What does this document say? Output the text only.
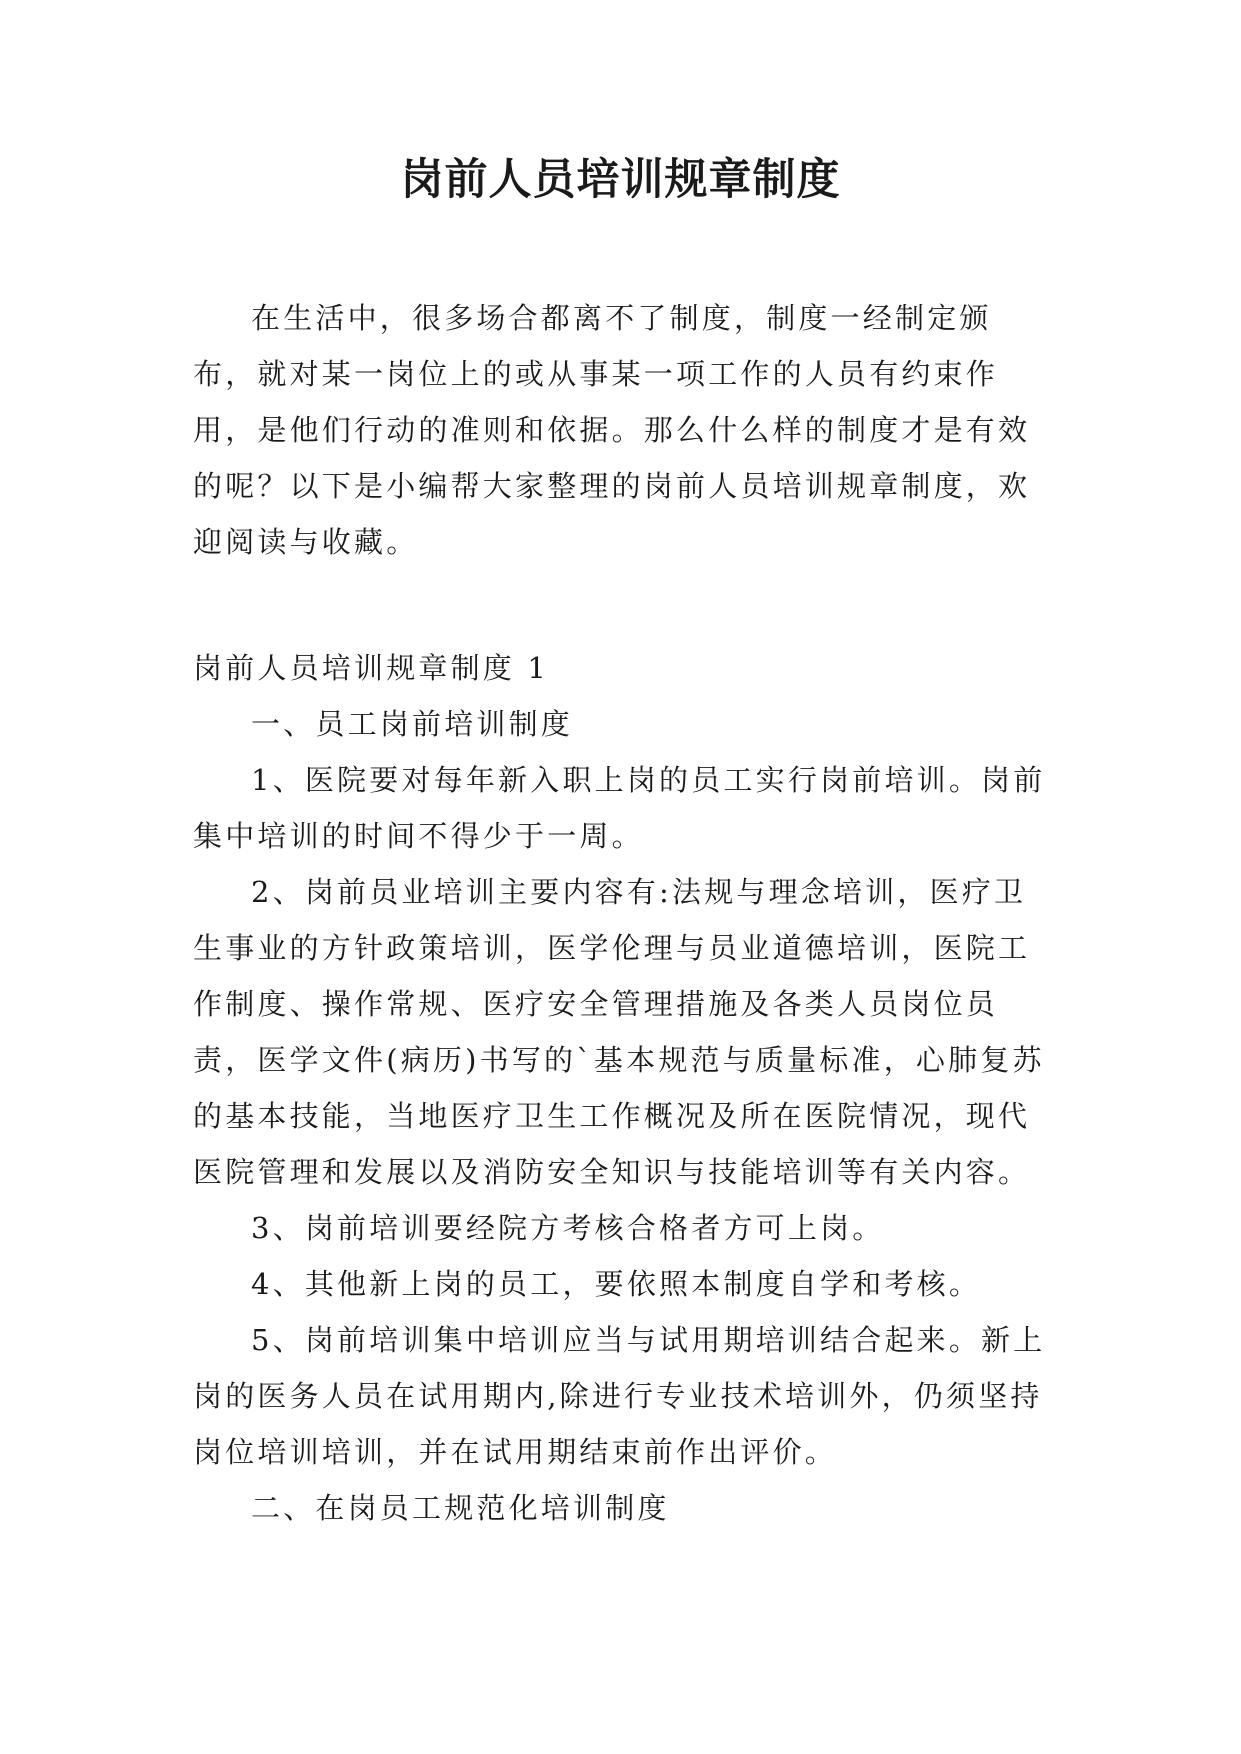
岗前人员培训规章制度

在生活中，很多场合都离不了制度，制度一经制定颁布，就对某一岗位上的或从事某一项工作的人员有约束作用，是他们行动的准则和依据。那么什么样的制度才是有效的呢？以下是小编帮大家整理的岗前人员培训规章制度，欢迎阅读与收藏。

岗前人员培训规章制度 1

一、员工岗前培训制度

1、医院要对每年新入职上岗的员工实行岗前培训。岗前集中培训的时间不得少于一周。

2、岗前员业培训主要内容有:法规与理念培训，医疗卫生事业的方针政策培训，医学伦理与员业道德培训，医院工作制度、操作常规、医疗安全管理措施及各类人员岗位员责，医学文件(病历)书写的`基本规范与质量标准，心肺复苏的基本技能，当地医疗卫生工作概况及所在医院情况，现代医院管理和发展以及消防安全知识与技能培训等有关内容。

3、岗前培训要经院方考核合格者方可上岗。

4、其他新上岗的员工，要依照本制度自学和考核。

5、岗前培训集中培训应当与试用期培训结合起来。新上岗的医务人员在试用期内,除进行专业技术培训外，仍须坚持岗位培训培训，并在试用期结束前作出评价。

二、在岗员工规范化培训制度
